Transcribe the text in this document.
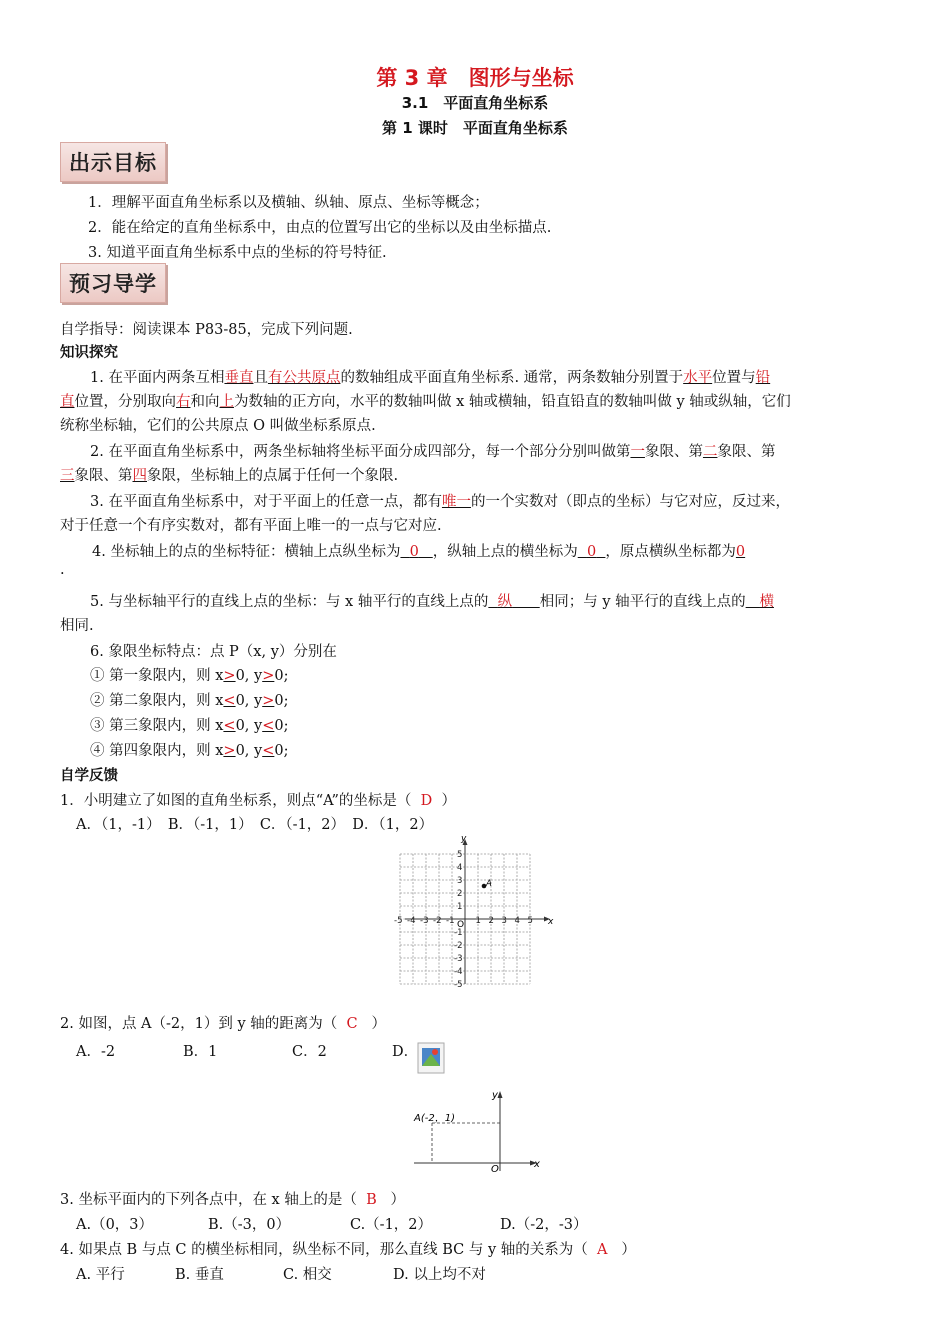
第 3 章　图形与坐标
3.1　平面直角坐标系
第 1 课时　平面直角坐标系
出示目标
1．理解平面直角坐标系以及横轴、纵轴、原点、坐标等概念；
2．能在给定的直角坐标系中，由点的位置写出它的坐标以及由坐标描点.
3. 知道平面直角坐标系中点的坐标的符号特征.
预习导学
自学指导：阅读课本 P83-85，完成下列问题.
知识探究
1. 在平面内两条互相垂直且有公共原点的数轴组成平面直角坐标系. 通常，两条数轴分别置于水平位置与铅
直位置，分别取向右和向上为数轴的正方向，水平的数轴叫做 x 轴或横轴，铅直铅直的数轴叫做 y 轴或纵轴，它们
统称坐标轴，它们的公共原点 O 叫做坐标系原点.
2. 在平面直角坐标系中，两条坐标轴将坐标平面分成四部分，每一个部分分别叫做第一象限、第二象限、第
三象限、第四象限，坐标轴上的点属于任何一个象限.
3. 在平面直角坐标系中，对于平面上的任意一点，都有唯一的一个实数对（即点的坐标）与它对应，反过来，
对于任意一个有序实数对，都有平面上唯一的一点与它对应.
4. 坐标轴上的点的坐标特征：横轴上点纵坐标为 0 ，纵轴上点的横坐标为 0 ，原点横纵坐标都为0
.
5. 与坐标轴平行的直线上点的坐标：与 x 轴平行的直线上点的 纵 相同；与 y 轴平行的直线上点的 横
相同.
6. 象限坐标特点：点 P（x, y）分别在
① 第一象限内，则 x>0, y>0;
② 第二象限内，则 x<0, y>0;
③ 第三象限内，则 x<0, y<0;
④ 第四象限内，则 x>0, y<0;
自学反馈
1．小明建立了如图的直角坐标系，则点“A”的坐标是（ D ）
A．（1，-1）　B．（-1，1）　C．（-1，2）　D．（1，2）
x
y
O
-5 -4 -3 -2 -1 1 2 3 4 5
5
4
3
2
1
-1
-2
-3
-4
-5
A
2. 如图，点 A（-2，1）到 y 轴的距离为（ C ）
A．-2	B．1	C．2	D．
x
y
O
A(-2，1)
3. 坐标平面内的下列各点中，在 x 轴上的是（ B ）
A.（0，3）	B.（-3，0）	C.（-1，2）	D.（-2，-3）
4. 如果点 B 与点 C 的横坐标相同，纵坐标不同，那么直线 BC 与 y 轴的关系为（ A ）
A. 平行	B. 垂直	C. 相交	D. 以上均不对
